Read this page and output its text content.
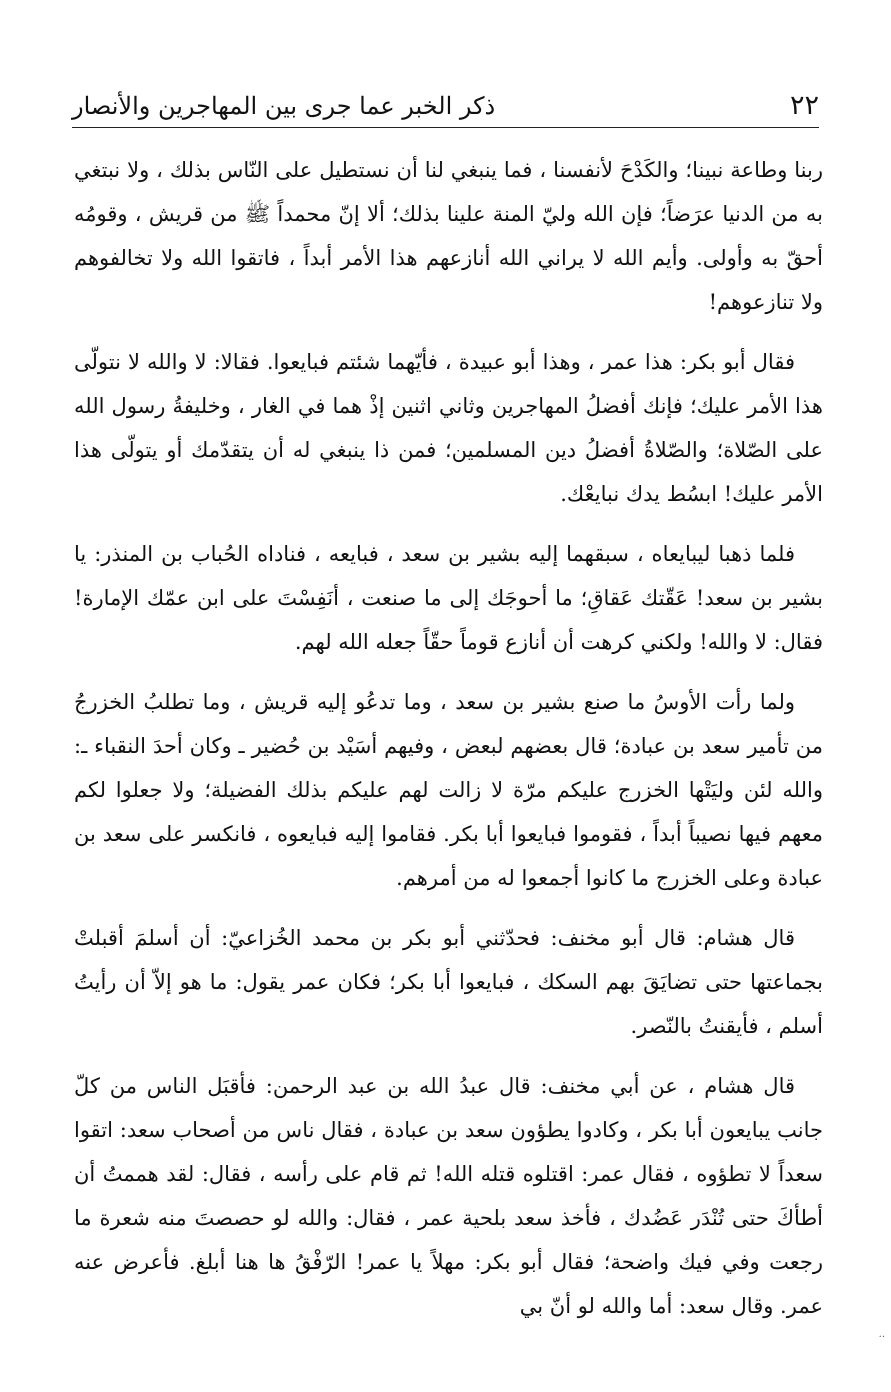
٢٢
ذكر الخبر عما جرى بين المهاجرين والأنصار

ربنا وطاعة نبينا؛ والكَدْحَ لأنفسنا ، فما ينبغي لنا أن نستطيل على النّاس بذلك ، ولا نبتغي به من الدنيا عرَضاً؛ فإن الله وليّ المنة علينا بذلك؛ ألا إنّ محمداً ﷺ من قريش ، وقومُه أحقّ به وأولى. وأيم الله لا يراني الله أنازعهم هذا الأمر أبداً ، فاتقوا الله ولا تخالفوهم ولا تنازعوهم!

فقال أبو بكر: هذا عمر ، وهذا أبو عبيدة ، فأيّهما شئتم فبايعوا. فقالا: لا والله لا نتولّى هذا الأمر عليك؛ فإنك أفضلُ المهاجرين وثاني اثنين إذْ هما في الغار ، وخليفةُ رسول الله على الصّلاة؛ والصّلاةُ أفضلُ دين المسلمين؛ فمن ذا ينبغي له أن يتقدّمك أو يتولّى هذا الأمر عليك! ابسُط يدك نبايعْك.

فلما ذهبا ليبايعاه ، سبقهما إليه بشير بن سعد ، فبايعه ، فناداه الحُباب بن المنذر: يا بشير بن سعد! عَقّتك عَقاقِ؛ ما أحوجَك إلى ما صنعت ، أنَفِسْتَ على ابن عمّك الإمارة! فقال: لا والله! ولكني كرهت أن أنازع قوماً حقّاً جعله الله لهم.

ولما رأت الأوسُ ما صنع بشير بن سعد ، وما تدعُو إليه قريش ، وما تطلبُ الخزرجُ من تأمير سعد بن عبادة؛ قال بعضهم لبعض ، وفيهم أسَيْد بن حُضير ـ وكان أحدَ النقباء ـ: والله لئن وليَتْها الخزرج عليكم مرّة لا زالت لهم عليكم بذلك الفضيلة؛ ولا جعلوا لكم معهم فيها نصيباً أبداً ، فقوموا فبايعوا أبا بكر. فقاموا إليه فبايعوه ، فانكسر على سعد بن عبادة وعلى الخزرج ما كانوا أجمعوا له من أمرهم.

قال هشام: قال أبو مخنف: فحدّثني أبو بكر بن محمد الخُزاعيّ: أن أسلمَ أقبلتْ بجماعتها حتى تضايَقَ بهم السكك ، فبايعوا أبا بكر؛ فكان عمر يقول: ما هو إلاّ أن رأيتُ أسلم ، فأيقنتُ بالنّصر.

قال هشام ، عن أبي مخنف: قال عبدُ الله بن عبد الرحمن: فأقبَل الناس من كلّ جانب يبايعون أبا بكر ، وكادوا يطؤون سعد بن عبادة ، فقال ناس من أصحاب سعد: اتقوا سعداً لا تطؤوه ، فقال عمر: اقتلوه قتله الله! ثم قام على رأسه ، فقال: لقد هممتُ أن أطأكَ حتى تُنْدَر عَضُدك ، فأخذ سعد بلحية عمر ، فقال: والله لو حصصتَ منه شعرة ما رجعت وفي فيك واضحة؛ فقال أبو بكر: مهلاً يا عمر! الرّفْقُ ها هنا أبلغ. فأعرض عنه عمر. وقال سعد: أما والله لو أنّ بي

..
